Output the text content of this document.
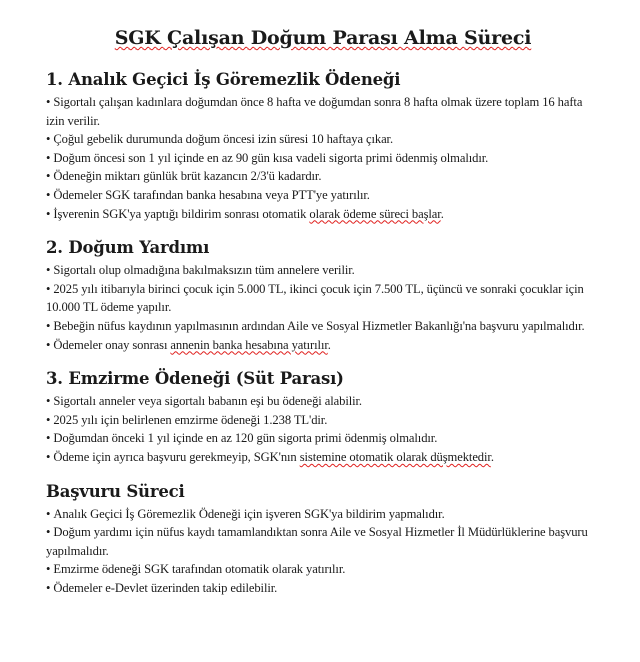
SGK Çalışan Doğum Parası Alma Süreci
1. Analık Geçici İş Göremezlik Ödeneği
• Sigortalı çalışan kadınlara doğumdan önce 8 hafta ve doğumdan sonra 8 hafta olmak üzere toplam 16 hafta izin verilir.
• Çoğul gebelik durumunda doğum öncesi izin süresi 10 haftaya çıkar.
• Doğum öncesi son 1 yıl içinde en az 90 gün kısa vadeli sigorta primi ödenmiş olmalıdır.
• Ödeneğin miktarı günlük brüt kazancın 2/3'ü kadardır.
• Ödemeler SGK tarafından banka hesabına veya PTT'ye yatırılır.
• İşverenin SGK'ya yaptığı bildirim sonrası otomatik olarak ödeme süreci başlar.
2. Doğum Yardımı
• Sigortalı olup olmadığına bakılmaksızın tüm annelere verilir.
• 2025 yılı itibarıyla birinci çocuk için 5.000 TL, ikinci çocuk için 7.500 TL, üçüncü ve sonraki çocuklar için 10.000 TL ödeme yapılır.
• Bebeğin nüfus kaydının yapılmasının ardından Aile ve Sosyal Hizmetler Bakanlığı'na başvuru yapılmalıdır.
• Ödemeler onay sonrası annenin banka hesabına yatırılır.
3. Emzirme Ödeneği (Süt Parası)
• Sigortalı anneler veya sigortalı babanın eşi bu ödeneği alabilir.
• 2025 yılı için belirlenen emzirme ödeneği 1.238 TL'dir.
• Doğumdan önceki 1 yıl içinde en az 120 gün sigorta primi ödenmiş olmalıdır.
• Ödeme için ayrıca başvuru gerekmeyip, SGK'nın sistemine otomatik olarak düşmektedir.
Başvuru Süreci
• Analık Geçici İş Göremezlik Ödeneği için işveren SGK'ya bildirim yapmalıdır.
• Doğum yardımı için nüfus kaydı tamamlandıktan sonra Aile ve Sosyal Hizmetler İl Müdürlüklerine başvuru yapılmalıdır.
• Emzirme ödeneği SGK tarafından otomatik olarak yatırılır.
• Ödemeler e-Devlet üzerinden takip edilebilir.
